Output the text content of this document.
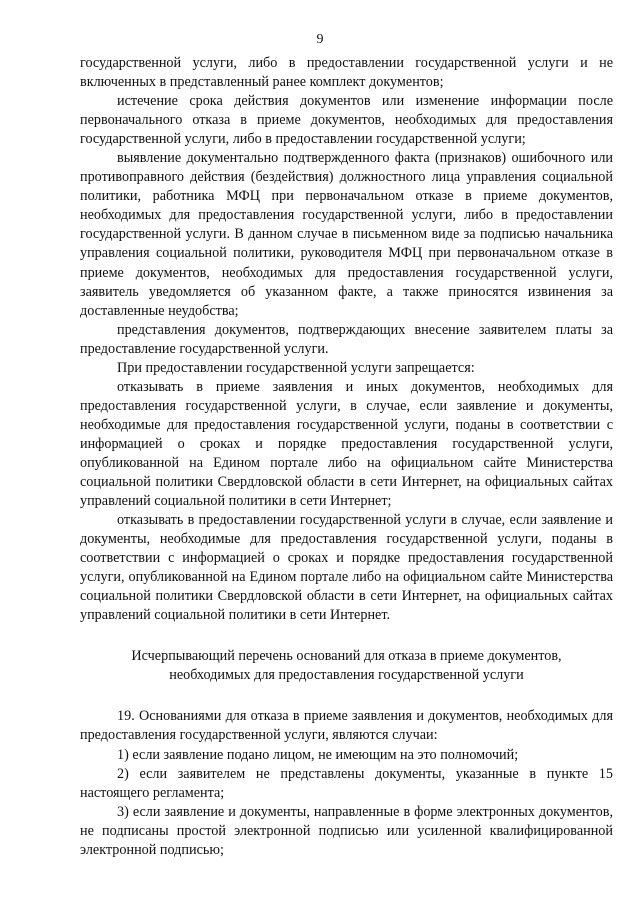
9

государственной услуги, либо в предоставлении государственной услуги и не включенных в представленный ранее комплект документов;

истечение срока действия документов или изменение информации после первоначального отказа в приеме документов, необходимых для предоставления государственной услуги, либо в предоставлении государственной услуги;

выявление документально подтвержденного факта (признаков) ошибочного или противоправного действия (бездействия) должностного лица управления социальной политики, работника МФЦ при первоначальном отказе в приеме документов, необходимых для предоставления государственной услуги, либо в предоставлении государственной услуги. В данном случае в письменном виде за подписью начальника управления социальной политики, руководителя МФЦ при первоначальном отказе в приеме документов, необходимых для предоставления государственной услуги, заявитель уведомляется об указанном факте, а также приносятся извинения за доставленные неудобства;

представления документов, подтверждающих внесение заявителем платы за предоставление государственной услуги.

При предоставлении государственной услуги запрещается:

отказывать в приеме заявления и иных документов, необходимых для предоставления государственной услуги, в случае, если заявление и документы, необходимые для предоставления государственной услуги, поданы в соответствии с информацией о сроках и порядке предоставления государственной услуги, опубликованной на Едином портале либо на официальном сайте Министерства социальной политики Свердловской области в сети Интернет, на официальных сайтах управлений социальной политики в сети Интернет;

отказывать в предоставлении государственной услуги в случае, если заявление и документы, необходимые для предоставления государственной услуги, поданы в соответствии с информацией о сроках и порядке предоставления государственной услуги, опубликованной на Едином портале либо на официальном сайте Министерства социальной политики Свердловской области в сети Интернет, на официальных сайтах управлений социальной политики в сети Интернет.

Исчерпывающий перечень оснований для отказа в приеме документов,
необходимых для предоставления государственной услуги

19. Основаниями для отказа в приеме заявления и документов, необходимых для предоставления государственной услуги, являются случаи:

1) если заявление подано лицом, не имеющим на это полномочий;

2) если заявителем не представлены документы, указанные в пункте 15 настоящего регламента;

3) если заявление и документы, направленные в форме электронных документов, не подписаны простой электронной подписью или усиленной квалифицированной электронной подписью;
